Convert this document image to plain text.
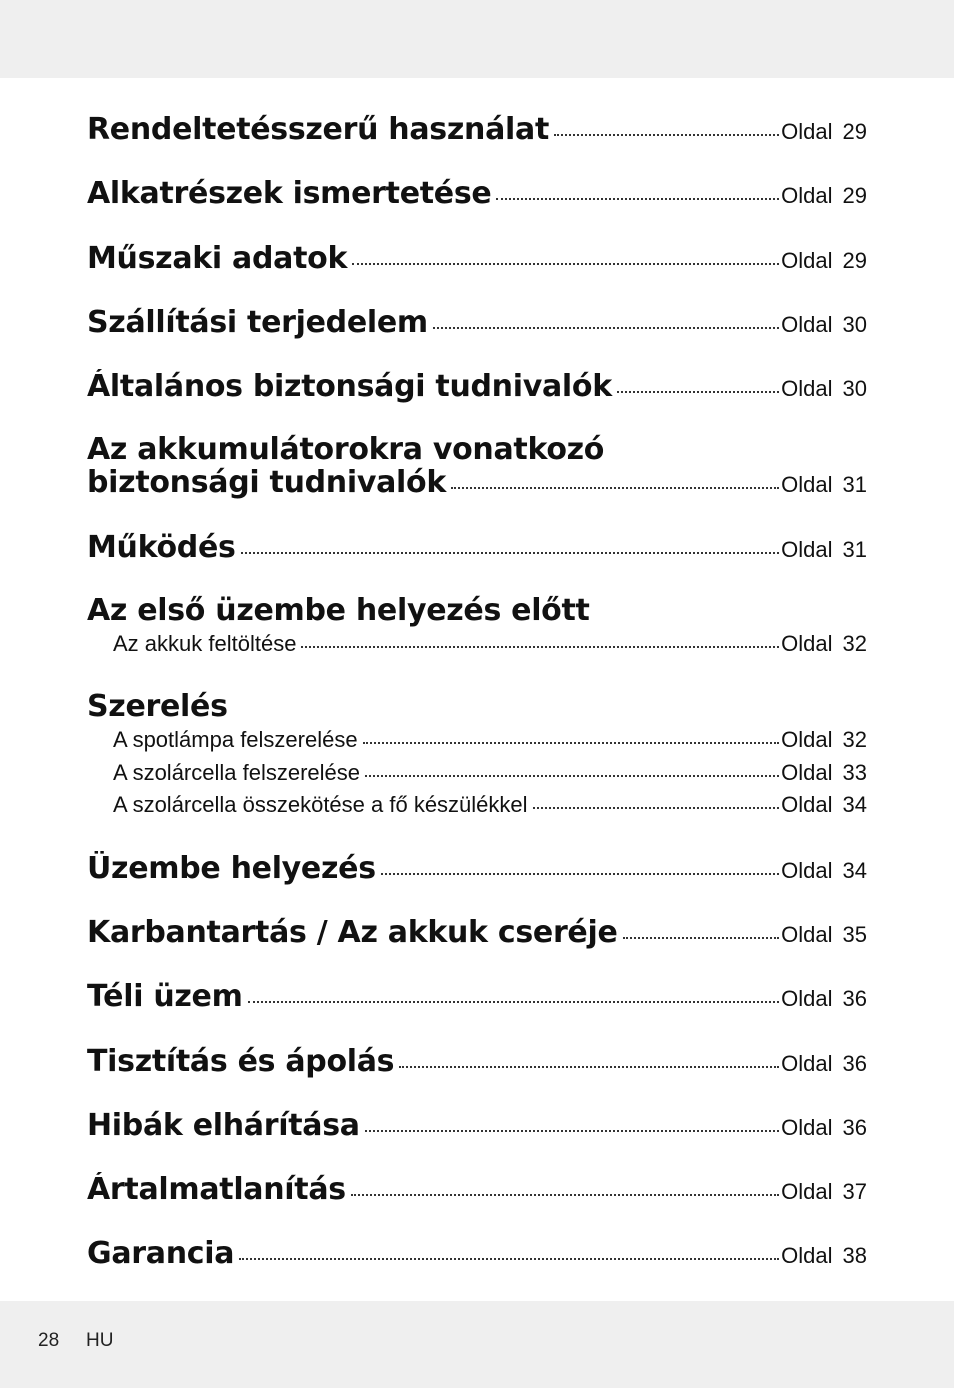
Rendeltetésszerű használat	Oldal 29
Alkatrészek ismertetése	Oldal 29
Műszaki adatok	Oldal 29
Szállítási terjedelem	Oldal 30
Általános biztonsági tudnivalók	Oldal 30
Az akkumulátorokra vonatkozó
biztonsági tudnivalók	Oldal 31
Működés	Oldal 31
Az első üzembe helyezés előtt
Az akkuk feltöltése	Oldal 32
Szerelés
A spotlámpa felszerelése	Oldal 32
A szolárcella felszerelése	Oldal 33
A szolárcella összekötése a fő készülékkel	Oldal 34
Üzembe helyezés	Oldal 34
Karbantartás / Az akkuk cseréje	Oldal 35
Téli üzem	Oldal 36
Tisztítás és ápolás	Oldal 36
Hibák elhárítása	Oldal 36
Ártalmatlanítás	Oldal 37
Garancia	Oldal 38
28 HU
